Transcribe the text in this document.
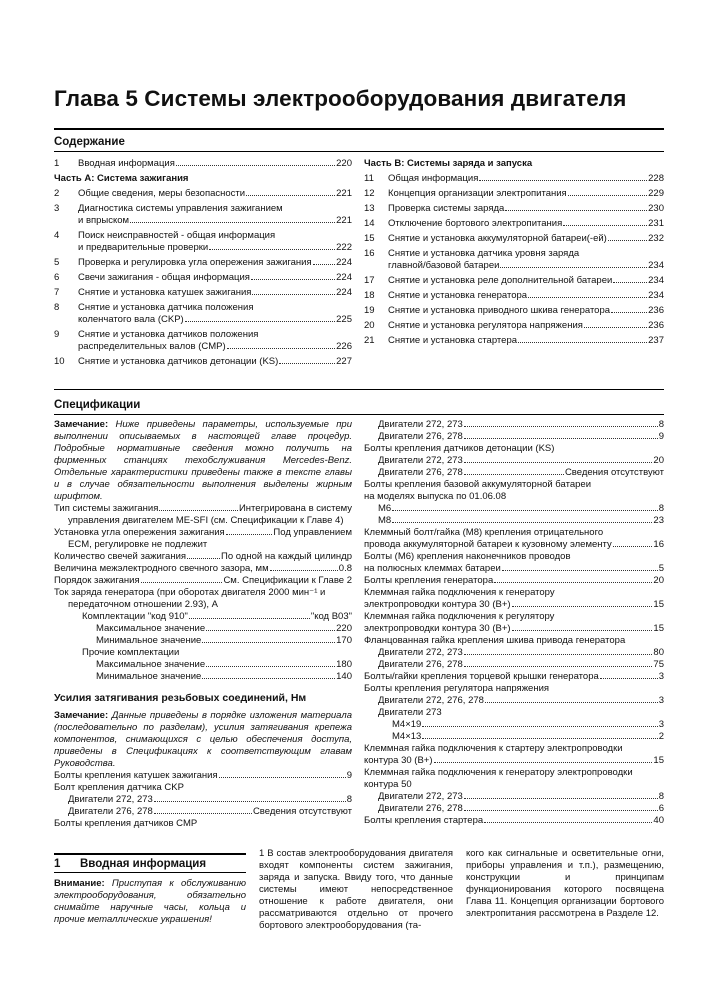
Глава 5 Системы электрооборудования двигателя
Содержание
1	Вводная информация	220
Часть А: Система зажигания
2	Общие сведения, меры безопасности	221
3	Диагностика системы управления зажиганием
и впрыском	221
4	Поиск неисправностей - общая информация
и предварительные проверки	222
5	Проверка и регулировка угла опережения зажигания	224
6	Свечи зажигания - общая информация	224
7	Снятие и установка катушек зажигания	224
8	Снятие и установка датчика положения
коленчатого вала (CKP)	225
9	Снятие и установка датчиков положения
распределительных валов (CMP)	226
10	Снятие и установка датчиков детонации (KS)	227
Часть В: Системы заряда и запуска
11	Общая информация	228
12	Концепция организации электропитания	229
13	Проверка системы заряда	230
14	Отключение бортового электропитания	231
15	Снятие и установка аккумуляторной батареи(-ей)	232
16	Снятие и установка датчика уровня заряда
главной/базовой батареи	234
17	Снятие и установка реле дополнительной батареи	234
18	Снятие и установка генератора	234
19	Снятие и установка приводного шкива генератора	236
20	Снятие и установка регулятора напряжения	236
21	Снятие и установка стартера	237
Спецификации
Замечание: Ниже приведены параметры, используемые при выполнении описываемых в настоящей главе процедур. Подробные нормативные сведения можно получить на фирменных станциях техобслуживания Mercedes-Benz. Отдельные характеристики приведены также в тексте главы и в случае обязательности выполнения выделены жирным шрифтом.
Тип системы зажигания	Интегрирована в систему
управления двигателем ME-SFI (см. Спецификации к Главе 4)
Установка угла опережения зажигания	Под управлением
ECM, регулировке не подлежит
Количество свечей зажигания	По одной на каждый цилиндр
Величина межэлектродного свечного зазора, мм	0.8
Порядок зажигания	См. Спецификации к Главе 2
Ток заряда генератора (при оборотах двигателя 2000 мин⁻¹ и
передаточном отношении 2.93), А
Комплектации "код 910"	"код B03"
Максимальное значение	220
Минимальное значение	170
Прочие комплектации
Максимальное значение	180
Минимальное значение	140
Усилия затягивания резьбовых соединений, Нм
Замечание: Данные приведены в порядке изложения материала (последовательно по разделам), усилия затягивания крепежа компонентов, снимающихся с целью обеспечения доступа, приведены в Спецификациях к соответствующим главам Руководства.
Болты крепления катушек зажигания	9
Болт крепления датчика CKP
Двигатели 272, 273	8
Двигатели 276, 278	Сведения отсутствуют
Болты крепления датчиков CMP
Двигатели 272, 273	8
Двигатели 276, 278	9
Болты крепления датчиков детонации (KS)
Двигатели 272, 273	20
Двигатели 276, 278	Сведения отсутствуют
Болты крепления базовой аккумуляторной батареи
на моделях выпуска по 01.06.08
M6	8
M8	23
Клеммный болт/гайка (M8) крепления отрицательного
провода аккумуляторной батареи к кузовному элементу	16
Болты (M6) крепления наконечников проводов
на полюсных клеммах батареи	5
Болты крепления генератора	20
Клеммная гайка подключения к генератору
электропроводки контура 30 (B+)	15
Клеммная гайка подключения к регулятору
электропроводки контура 30 (B+)	15
Фланцованная гайка крепления шкива привода генератора
Двигатели 272, 273	80
Двигатели 276, 278	75
Болты/гайки крепления торцевой крышки генератора	3
Болты крепления регулятора напряжения
Двигатели 272, 276, 278	3
Двигатели 273
M4×19	3
M4×13	2
Клеммная гайка подключения к стартеру электропроводки
контура 30 (B+)	15
Клеммная гайка подключения к генератору электропроводки
контура 50
Двигатели 272, 273	8
Двигатели 276, 278	6
Болты крепления стартера	40
1	Вводная информация
Внимание: Приступая к обслуживанию электрооборудования, обязательно снимайте наручные часы, кольца и прочие металлические украшения!
1 В состав электрооборудования двигателя входят компоненты систем зажигания, заряда и запуска. Ввиду того, что данные системы имеют непосредственное отношение к работе двигателя, они рассматриваются отдельно от прочего бортового электрооборудования (та-
кого как сигнальные и осветительные огни, приборы управления и т.п.), размещению, конструкции и принципам функционирования которого посвящена Глава 11. Концепция организации бортового электропитания рассмотрена в Разделе 12.
